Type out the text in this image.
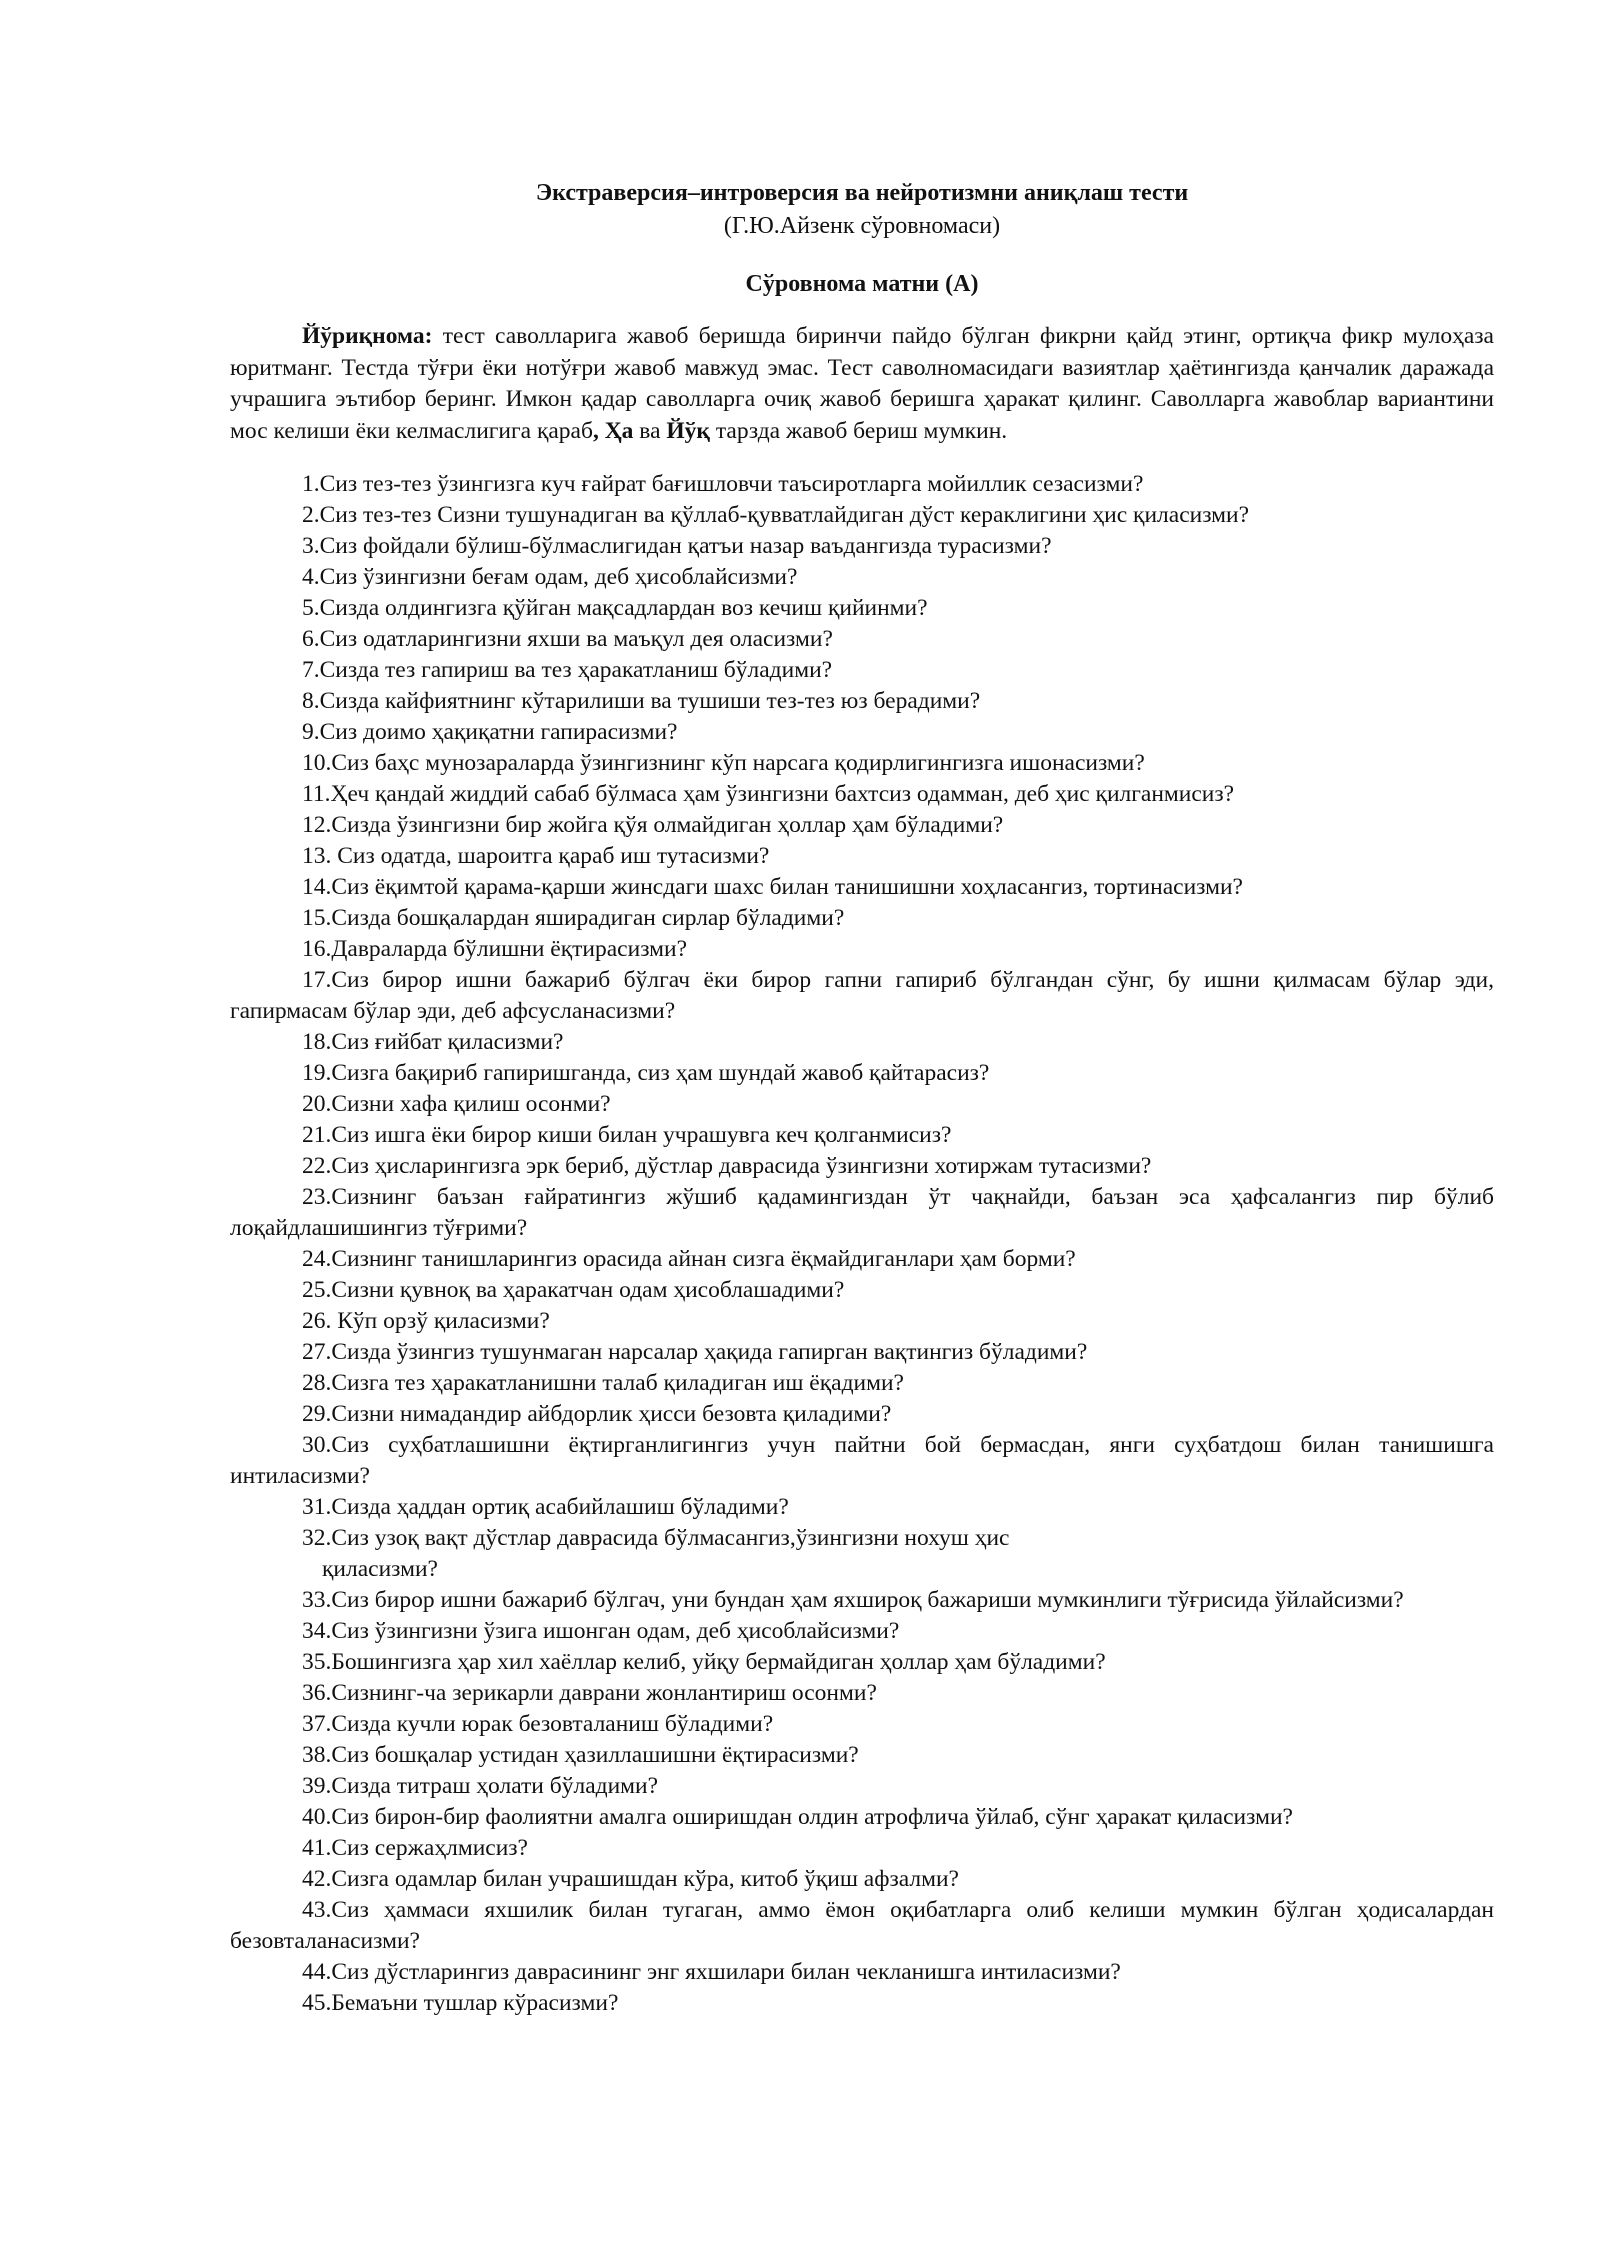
Экстраверсия–интроверсия ва нейротизмни аниқлаш тести
(Г.Ю.Айзенк сўровномаси)
Сўровнома матни (А)

Йўриқнома: тест саволларига жавоб беришда биринчи пайдо бўлган фикрни қайд этинг, ортиқча фикр мулоҳаза юритманг. Тестда тўғри ёки нотўғри жавоб мавжуд эмас. Тест саволномасидаги вазиятлар ҳаётингизда қанчалик даражада учрашига эътибор беринг. Имкон қадар саволларга очиқ жавоб беришга ҳаракат қилинг. Саволларга жавоблар вариантини мос келиши ёки келмаслигига қараб, Ҳа ва Йўқ тарзда жавоб бериш мумкин.

1.Сиз тез-тез ўзингизга куч ғайрат бағишловчи таъсиротларга мойиллик сезасизми?

2.Сиз тез-тез Сизни тушунадиган ва қўллаб-қувватлайдиган дўст кераклигини ҳис қиласизми?

3.Сиз фойдали бўлиш-бўлмаслигидан қатъи назар ваъдангизда турасизми?

4.Сиз ўзингизни беғам одам, деб ҳисоблайсизми?

5.Сизда олдингизга қўйган мақсадлардан воз кечиш қийинми?

6.Сиз одатларингизни яхши ва маъқул дея оласизми?

7.Сизда тез гапириш ва тез ҳаракатланиш бўладими?

8.Сизда кайфиятнинг кўтарилиши ва тушиши тез-тез юз берадими?

9.Сиз доимо ҳақиқатни гапирасизми?

10.Сиз баҳс мунозараларда ўзингизнинг кўп нарсага қодирлигингизга ишонасизми?

11.Ҳеч қандай жиддий сабаб бўлмаса ҳам ўзингизни бахтсиз одамман, деб ҳис қилганмисиз?

12.Сизда ўзингизни бир жойга қўя олмайдиган ҳоллар ҳам бўладими?

13. Сиз одатда, шароитга қараб иш тутасизми?

14.Сиз ёқимтой қарама-қарши жинсдаги шахс билан танишишни хоҳласангиз, тортинасизми?

15.Сизда бошқалардан яширадиган сирлар бўладими?

16.Давраларда бўлишни ёқтирасизми?

17.Сиз бирор ишни бажариб бўлгач ёки бирор гапни гапириб бўлгандан сўнг, бу ишни қилмасам бўлар эди, гапирмасам бўлар эди, деб афсусланасизми?

18.Сиз ғийбат қиласизми?

19.Сизга бақириб гапиришганда, сиз ҳам шундай жавоб қайтарасиз?

20.Сизни хафа қилиш осонми?

21.Сиз ишга ёки бирор киши билан учрашувга кеч қолганмисиз?

22.Сиз ҳисларингизга эрк бериб, дўстлар даврасида ўзингизни хотиржам тутасизми?

23.Сизнинг баъзан ғайратингиз жўшиб қадамингиздан ўт чақнайди, баъзан эса ҳафсалангиз пир бўлиб лоқайдлашишингиз тўғрими?

24.Сизнинг танишларингиз орасида айнан сизга ёқмайдиганлари ҳам борми?

25.Сизни қувноқ ва ҳаракатчан одам ҳисоблашадими?

26. Кўп орзў қиласизми?

27.Сизда ўзингиз тушунмаган нарсалар ҳақида гапирган вақтингиз бўладими?

28.Сизга тез ҳаракатланишни талаб қиладиган иш ёқадими?

29.Сизни нимадандир айбдорлик ҳисси безовта қиладими?

30.Сиз суҳбатлашишни ёқтирганлигингиз учун пайтни бой бермасдан, янги суҳбатдош билан танишишга интиласизми?

31.Сизда ҳаддан ортиқ асабийлашиш бўладими?

32.Сиз узоқ вақт дўстлар даврасида бўлмасангиз,ўзингизни нохуш ҳис

қиласизми?

33.Сиз бирор ишни бажариб бўлгач, уни бундан ҳам яхшироқ бажариши мумкинлиги тўғрисида ўйлайсизми?

34.Сиз ўзингизни ўзига ишонган одам, деб ҳисоблайсизми?

35.Бошингизга ҳар хил хаёллар келиб, уйқу бермайдиган ҳоллар ҳам бўладими?

36.Сизнинг-ча зерикарли даврани жонлантириш осонми?

37.Сизда кучли юрак безовталаниш бўладими?

38.Сиз бошқалар устидан ҳазиллашишни ёқтирасизми?

39.Сизда титраш ҳолати бўладими?

40.Сиз бирон-бир фаолиятни амалга оширишдан олдин атрофлича ўйлаб, сўнг ҳаракат қиласизми?

41.Сиз сержаҳлмисиз?

42.Сизга одамлар билан учрашишдан кўра, китоб ўқиш афзалми?

43.Сиз ҳаммаси яхшилик билан тугаган, аммо ёмон оқибатларга олиб келиши мумкин бўлган ҳодисалардан безовталанасизми?

44.Сиз дўстларингиз даврасининг энг яхшилари билан чекланишга интиласизми?

45.Бемаъни тушлар кўрасизми?
